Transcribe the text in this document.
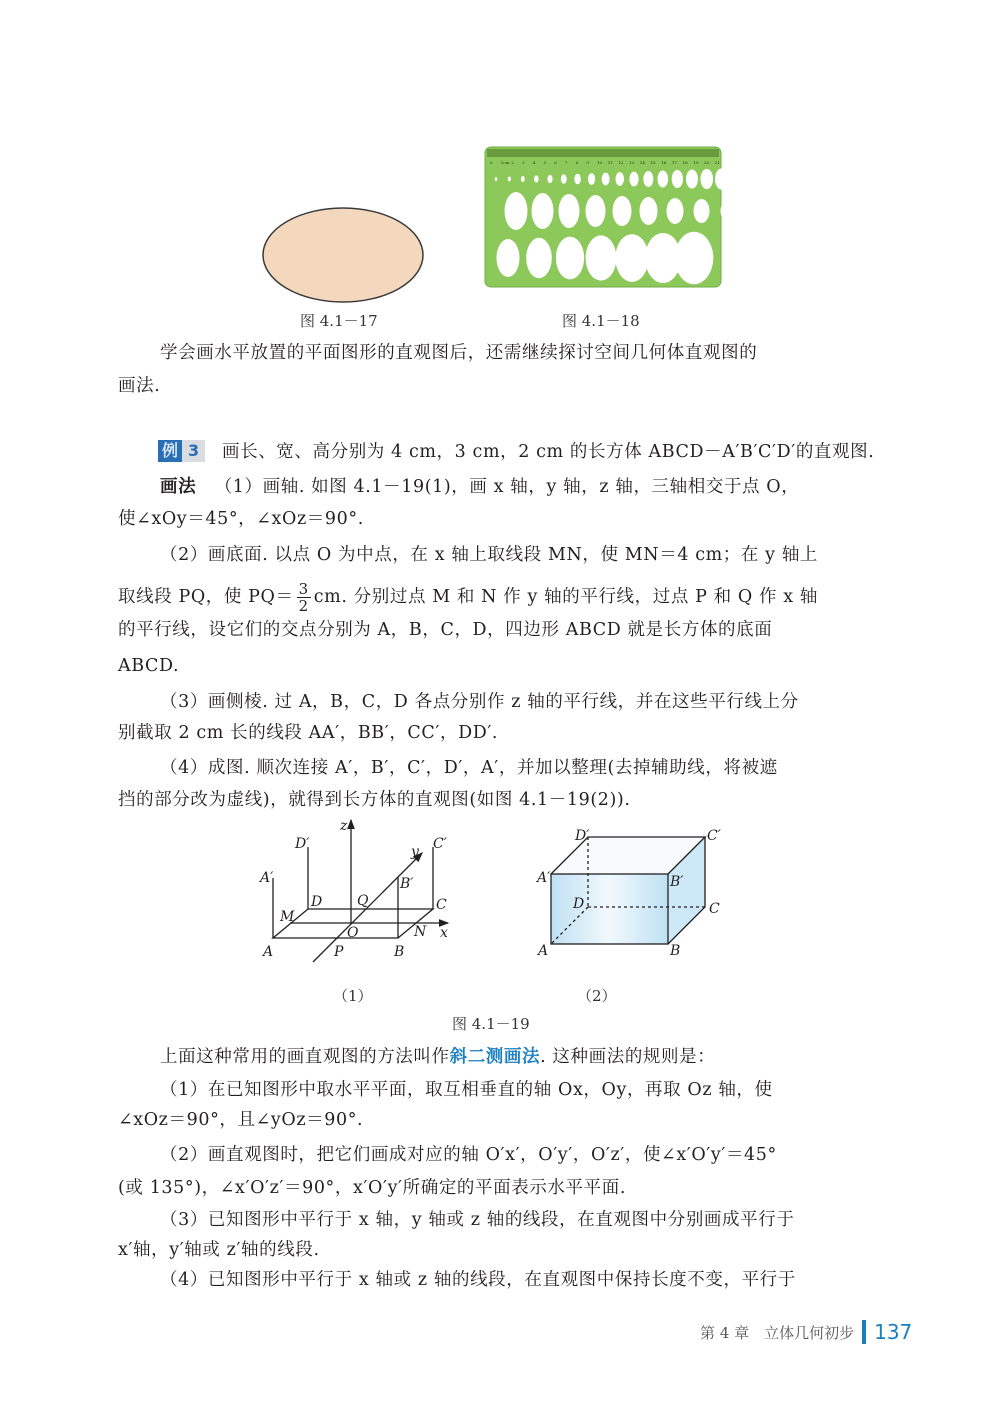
图 4.1－17
0 1cm 2 3 4 5 6 7 8 9 10 11 12 13 14 15 16 17 18 19 20 21
图 4.1－18
学会画水平放置的平面图形的直观图后，还需继续探讨空间几何体直观图的
画法.
例 3	画长、宽、高分别为 4 cm，3 cm，2 cm 的长方体 ABCD－A′B′C′D′的直观图.
画法 （1）画轴. 如图 4.1－19(1)，画 x 轴，y 轴，z 轴，三轴相交于点 O，
使∠xOy＝45°，∠xOz＝90°.
（2）画底面. 以点 O 为中点，在 x 轴上取线段 MN，使 MN＝4 cm；在 y 轴上
取线段 PQ，使 $PQ= \frac{3}{2}$ cm. 分别过点 M 和 N 作 y 轴的平行线，过点 P 和 Q 作 x 轴
的平行线，设它们的交点分别为 A，B，C，D，四边形 ABCD 就是长方体的底面
ABCD.
（3）画侧棱. 过 A，B，C，D 各点分别作 z 轴的平行线，并在这些平行线上分
别截取 2 cm 长的线段 AA′，BB′，CC′，DD′.
（4）成图. 顺次连接 A′，B′，C′，D′，A′，并加以整理(去掉辅助线，将被遮
挡的部分改为虚线)，就得到长方体的直观图(如图 4.1－19(2)).
z
y
x
A	B
C
D
A′	B′
C′
D′
M
N
O
P
Q
A	B
C
D
A′	B′
C′
D′
（1）	（2）
图 4.1－19
上面这种常用的画直观图的方法叫作斜二测画法. 这种画法的规则是：
（1）在已知图形中取水平平面，取互相垂直的轴 Ox，Oy，再取 Oz 轴，使
∠xOz＝90°，且∠yOz＝90°.
（2）画直观图时，把它们画成对应的轴 O′x′，O′y′，O′z′，使∠x′O′y′＝45°
(或 135°)，∠x′O′z′＝90°，x′O′y′所确定的平面表示水平平面.
（3）已知图形中平行于 x 轴，y 轴或 z 轴的线段，在直观图中分别画成平行于
x′轴，y′轴或 z′轴的线段.
（4）已知图形中平行于 x 轴或 z 轴的线段，在直观图中保持长度不变，平行于
第 4 章　立体几何初步 137
